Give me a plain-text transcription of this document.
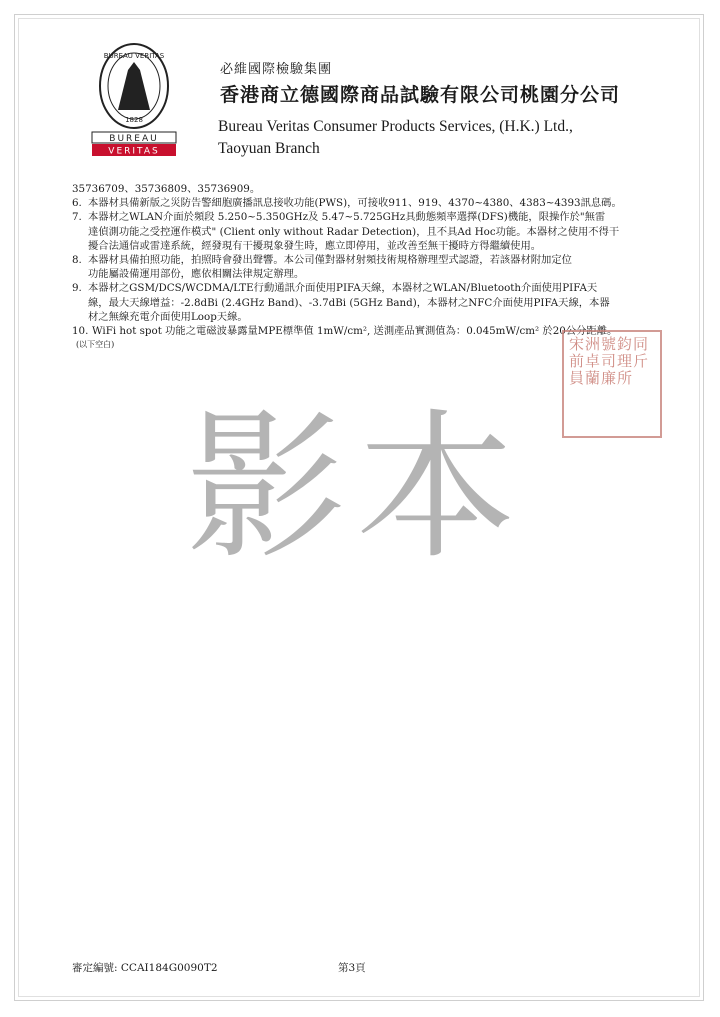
BUREAU VERITAS
1828
BUREAU
VERITAS
必維國際檢驗集團
香港商立德國際商品試驗有限公司桃園分公司
Bureau Veritas Consumer Products Services, (H.K.) Ltd.,
Taoyuan Branch

35736709、35736809、35736909。

6. 本器材具備新版之災防告警細胞廣播訊息接收功能(PWS)，可接收911、919、4370~4380、4383~4393訊息碼。
7. 本器材之WLAN介面於頻段 5.250~5.350GHz及 5.47~5.725GHz具動態頻率選擇(DFS)機能，限操作於"無雷
達偵測功能之受控運作模式" (Client only without Radar Detection)，且不具Ad Hoc功能。本器材之使用不得干
擾合法通信或雷達系統，經發現有干擾現象發生時，應立即停用，並改善至無干擾時方得繼續使用。
8. 本器材具備拍照功能，拍照時會發出聲響。本公司僅對器材射頻技術規格辦理型式認證，若該器材附加定位
功能屬設備運用部份，應依相關法律規定辦理。
9. 本器材之GSM/DCS/WCDMA/LTE行動通訊介面使用PIFA天線，本器材之WLAN/Bluetooth介面使用PIFA天
線，最大天線增益：-2.8dBi (2.4GHz Band)、-3.7dBi (5GHz Band)，本器材之NFC介面使用PIFA天線，本器
材之無線充電介面使用Loop天線。
10. WiFi hot spot 功能之電磁波暴露量MPE標準值 1mW/cm², 送測產品實測值為：0.045mW/cm² 於20公分距離。
(以下空白)	宋洲號鈞同前卓司理斤員蘭廉所
影本
審定編號: CCAI184G0090T2	第3頁
